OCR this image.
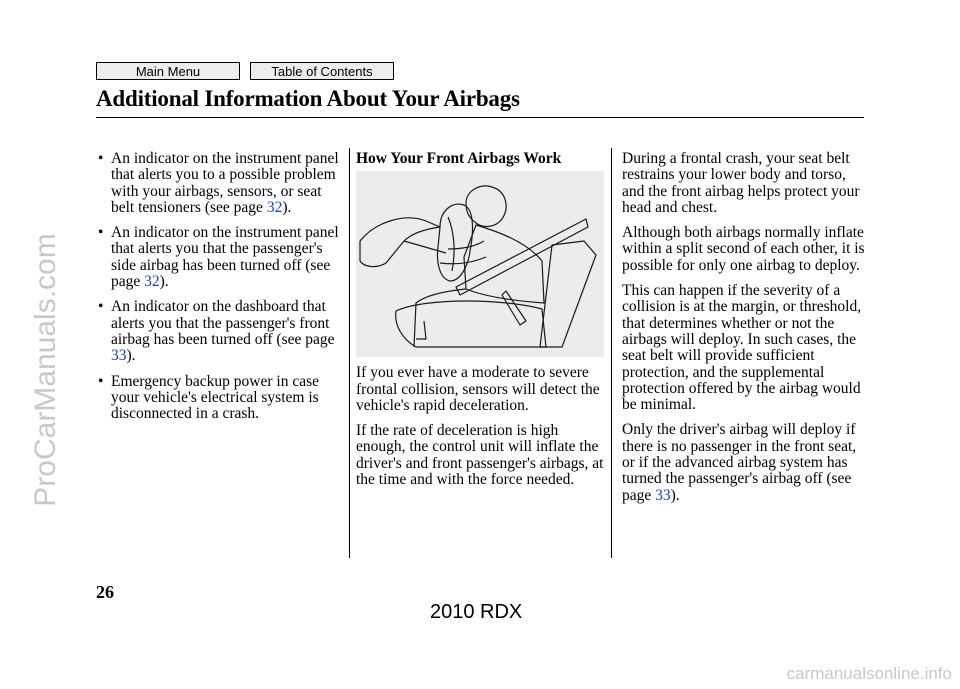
Main Menu	Table of Contents
Additional Information About Your Airbags
• An indicator on the instrument panel that alerts you to a possible problem with your airbags, sensors, or seat belt tensioners (see page 32).
• An indicator on the instrument panel that alerts you that the passenger's side airbag has been turned off (see page 32).
• An indicator on the dashboard that alerts you that the passenger's front airbag has been turned off (see page 33).
• Emergency backup power in case your vehicle's electrical system is disconnected in a crash.
How Your Front Airbags Work

If you ever have a moderate to severe frontal collision, sensors will detect the vehicle's rapid deceleration.

If the rate of deceleration is high enough, the control unit will inflate the driver's and front passenger's airbags, at the time and with the force needed.

During a frontal crash, your seat belt restrains your lower body and torso, and the front airbag helps protect your head and chest.

Although both airbags normally inflate within a split second of each other, it is possible for only one airbag to deploy.

This can happen if the severity of a collision is at the margin, or threshold, that determines whether or not the airbags will deploy. In such cases, the seat belt will provide sufficient protection, and the supplemental protection offered by the airbag would be minimal.

Only the driver's airbag will deploy if there is no passenger in the front seat, or if the advanced airbag system has turned the passenger's airbag off (see page 33).

26
2010 RDX
ProCarManuals.com
carmanualsonline.info
